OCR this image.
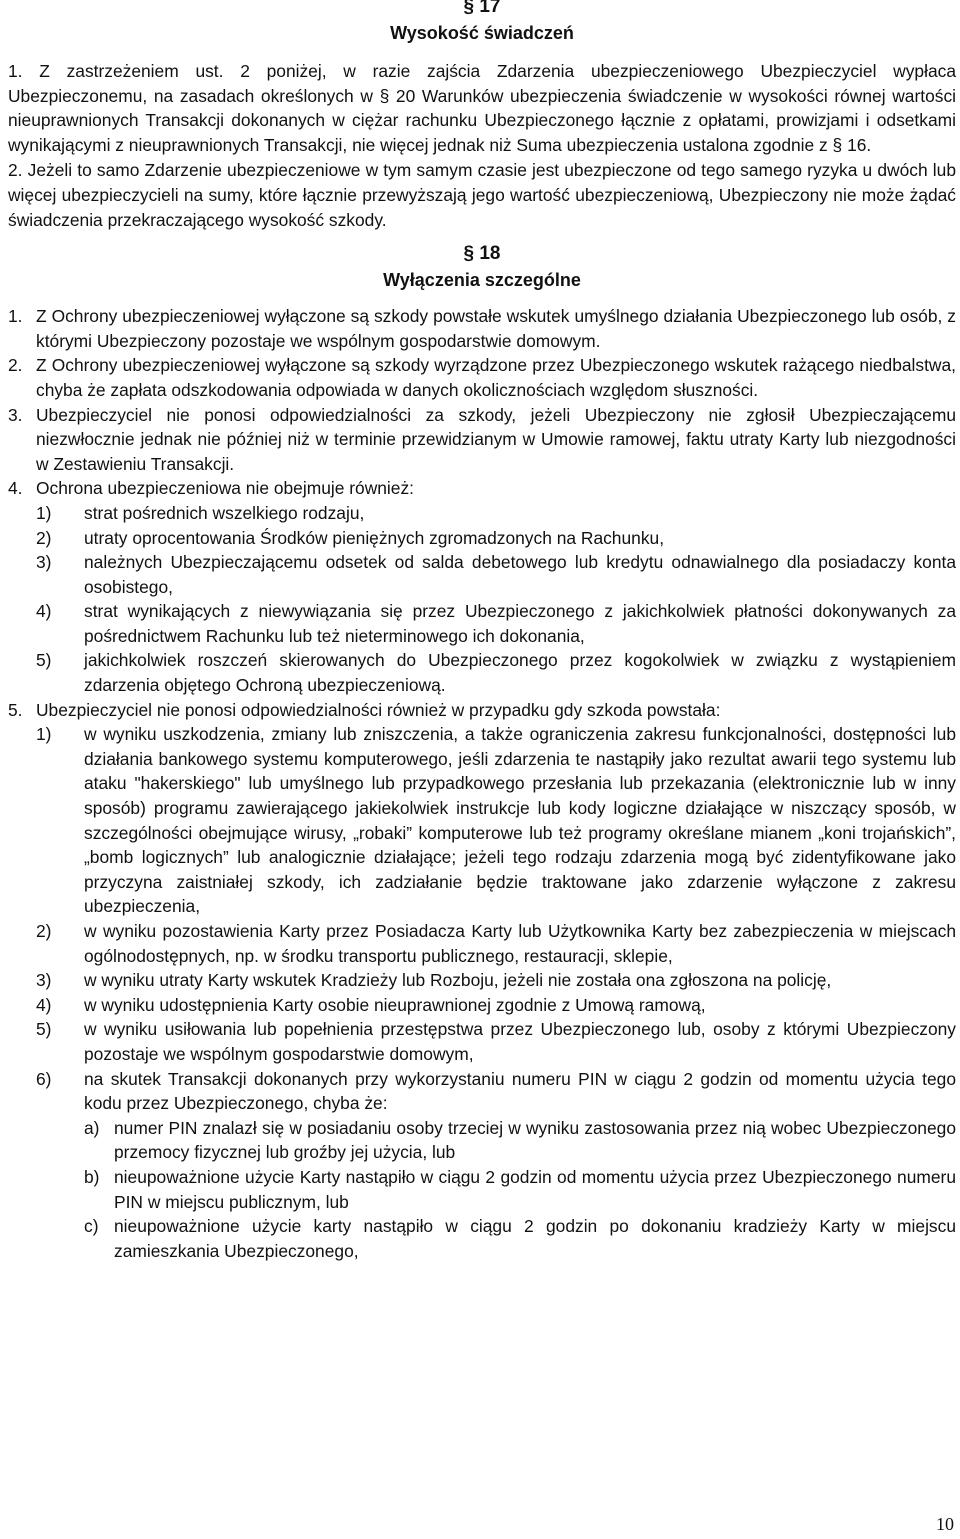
§ 17
Wysokość świadczeń

1. Z zastrzeżeniem ust. 2 poniżej, w razie zajścia Zdarzenia ubezpieczeniowego Ubezpieczyciel wypłaca Ubezpieczonemu, na zasadach określonych w § 20 Warunków ubezpieczenia świadczenie w wysokości równej wartości nieuprawnionych Transakcji dokonanych w ciężar rachunku Ubezpieczonego łącznie z opłatami, prowizjami i odsetkami wynikającymi z nieuprawnionych Transakcji, nie więcej jednak niż Suma ubezpieczenia ustalona zgodnie z § 16.

2. Jeżeli to samo Zdarzenie ubezpieczeniowe w tym samym czasie jest ubezpieczone od tego samego ryzyka u dwóch lub więcej ubezpieczycieli na sumy, które łącznie przewyższają jego wartość ubezpieczeniową, Ubezpieczony nie może żądać świadczenia przekraczającego wysokość szkody.

§ 18
Wyłączenia szczególne
1. Z Ochrony ubezpieczeniowej wyłączone są szkody powstałe wskutek umyślnego działania Ubezpieczonego lub osób, z którymi Ubezpieczony pozostaje we wspólnym gospodarstwie domowym.
2. Z Ochrony ubezpieczeniowej wyłączone są szkody wyrządzone przez Ubezpieczonego wskutek rażącego niedbalstwa, chyba że zapłata odszkodowania odpowiada w danych okolicznościach względom słuszności.
3. Ubezpieczyciel nie ponosi odpowiedzialności za szkody, jeżeli Ubezpieczony nie zgłosił Ubezpieczającemu niezwłocznie jednak nie później niż w terminie przewidzianym w Umowie ramowej, faktu utraty Karty lub niezgodności w Zestawieniu Transakcji.
4. Ochrona ubezpieczeniowa nie obejmuje również:
1)	strat pośrednich wszelkiego rodzaju,
2)	utraty oprocentowania Środków pieniężnych zgromadzonych na Rachunku,
3)	należnych Ubezpieczającemu odsetek od salda debetowego lub kredytu odnawialnego dla posiadaczy konta osobistego,
4)	strat wynikających z niewywiązania się przez Ubezpieczonego z jakichkolwiek płatności dokonywanych za pośrednictwem Rachunku lub też nieterminowego ich dokonania,
5)	jakichkolwiek roszczeń skierowanych do Ubezpieczonego przez kogokolwiek w związku z wystąpieniem zdarzenia objętego Ochroną ubezpieczeniową.
5. Ubezpieczyciel nie ponosi odpowiedzialności również w przypadku gdy szkoda powstała:
1)	w wyniku uszkodzenia, zmiany lub zniszczenia, a także ograniczenia zakresu funkcjonalności, dostępności lub działania bankowego systemu komputerowego, jeśli zdarzenia te nastąpiły jako rezultat awarii tego systemu lub ataku "hakerskiego" lub umyślnego lub przypadkowego przesłania lub przekazania (elektronicznie lub w inny sposób) programu zawierającego jakiekolwiek instrukcje lub kody logiczne działające w niszczący sposób, w szczególności obejmujące wirusy, „robaki” komputerowe lub też programy określane mianem „koni trojańskich”, „bomb logicznych” lub analogicznie działające; jeżeli tego rodzaju zdarzenia mogą być zidentyfikowane jako przyczyna zaistniałej szkody, ich zadziałanie będzie traktowane jako zdarzenie wyłączone z zakresu ubezpieczenia,
2)	w wyniku pozostawienia Karty przez Posiadacza Karty lub Użytkownika Karty bez zabezpieczenia w miejscach ogólnodostępnych, np. w środku transportu publicznego, restauracji, sklepie,
3)	w wyniku utraty Karty wskutek Kradzieży lub Rozboju, jeżeli nie została ona zgłoszona na policję,
4)	w wyniku udostępnienia Karty osobie nieuprawnionej zgodnie z Umową ramową,
5)	w wyniku usiłowania lub popełnienia przestępstwa przez Ubezpieczonego lub, osoby z którymi Ubezpieczony pozostaje we wspólnym gospodarstwie domowym,
6)	na skutek Transakcji dokonanych przy wykorzystaniu numeru PIN w ciągu 2 godzin od momentu użycia tego kodu przez Ubezpieczonego, chyba że:
a) numer PIN znalazł się w posiadaniu osoby trzeciej w wyniku zastosowania przez nią wobec Ubezpieczonego przemocy fizycznej lub groźby jej użycia, lub
b) nieupoważnione użycie Karty nastąpiło w ciągu 2 godzin od momentu użycia przez Ubezpieczonego numeru PIN w miejscu publicznym, lub
c) nieupoważnione użycie karty nastąpiło w ciągu 2 godzin po dokonaniu kradzieży Karty w miejscu zamieszkania Ubezpieczonego,
10
